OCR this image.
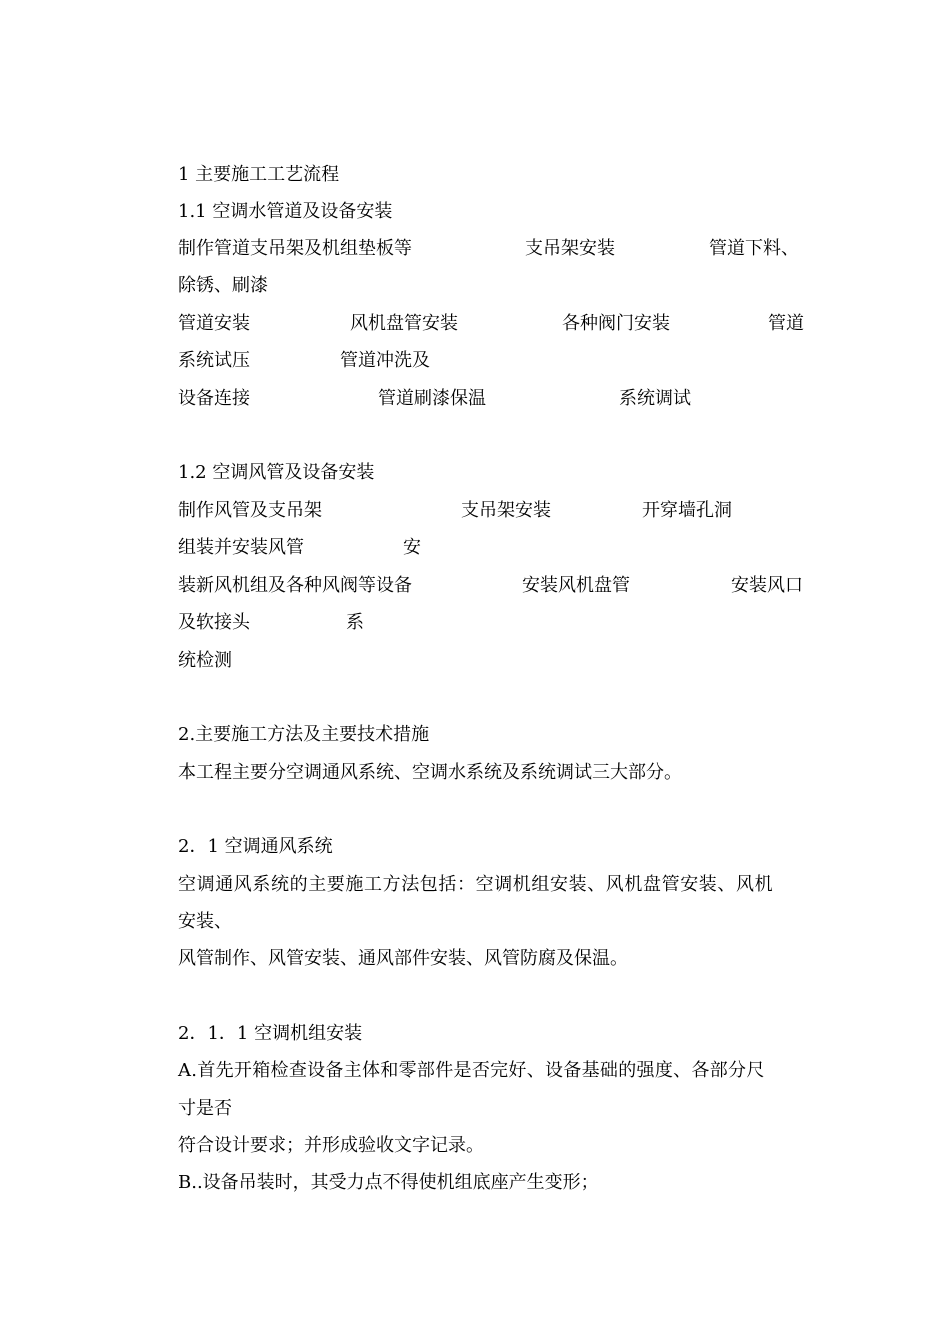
1 主要施工工艺流程
1.1 空调水管道及设备安装
制作管道支吊架及机组垫板等	支吊架安装	管道下料、
除锈、刷漆
管道安装	风机盘管安装	各种阀门安装	管道
系统试压	管道冲洗及
设备连接	管道刷漆保温	系统调试
1.2 空调风管及设备安装
制作风管及支吊架	支吊架安装	开穿墙孔洞
组装并安装风管	安
装新风机组及各种风阀等设备	安装风机盘管	安装风口
及软接头	系
统检测
2.主要施工方法及主要技术措施
本工程主要分空调通风系统、空调水系统及系统调试三大部分。
2．1 空调通风系统
空调通风系统的主要施工方法包括：空调机组安装、风机盘管安装、风机
安装、
风管制作、风管安装、通风部件安装、风管防腐及保温。
2．1．1 空调机组安装
A.首先开箱检查设备主体和零部件是否完好、设备基础的强度、各部分尺
寸是否
符合设计要求；并形成验收文字记录。
B..设备吊装时，其受力点不得使机组底座产生变形；
